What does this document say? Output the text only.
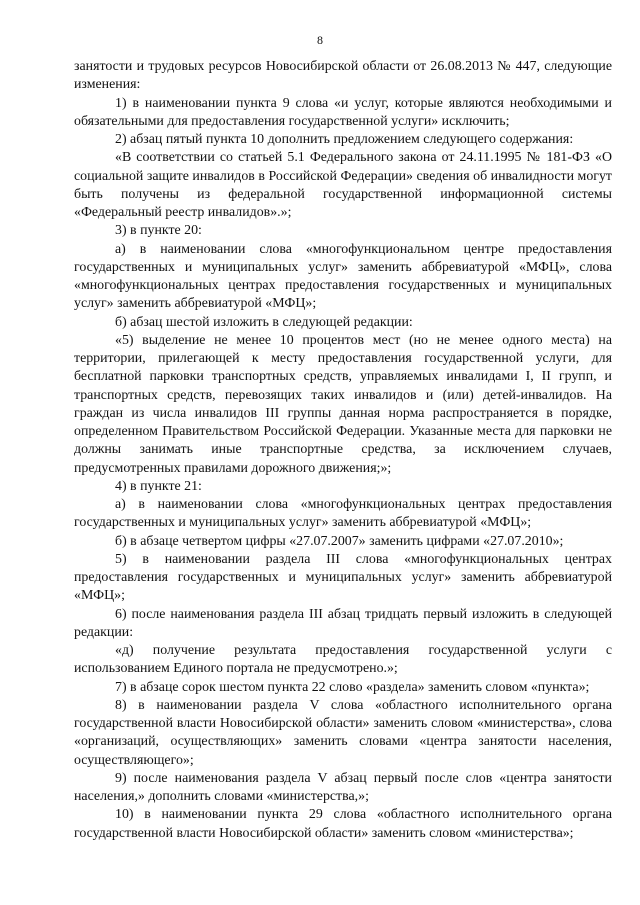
8

занятости и трудовых ресурсов Новосибирской области от 26.08.2013 № 447, следующие изменения:

1) в наименовании пункта 9 слова «и услуг, которые являются необходимыми и обязательными для предоставления государственной услуги» исключить;

2) абзац пятый пункта 10 дополнить предложением следующего содержания:

«В соответствии со статьей 5.1 Федерального закона от 24.11.1995 № 181-ФЗ «О социальной защите инвалидов в Российской Федерации» сведения об инвалидности могут быть получены из федеральной государственной информационной системы «Федеральный реестр инвалидов».»;

3) в пункте 20:

а) в наименовании слова «многофункциональном центре предоставления государственных и муниципальных услуг» заменить аббревиатурой «МФЦ», слова «многофункциональных центрах предоставления государственных и муниципальных услуг» заменить аббревиатурой «МФЦ»;

б) абзац шестой изложить в следующей редакции:

«5) выделение не менее 10 процентов мест (но не менее одного места) на территории, прилегающей к месту предоставления государственной услуги, для бесплатной парковки транспортных средств, управляемых инвалидами I, II групп, и транспортных средств, перевозящих таких инвалидов и (или) детей-инвалидов. На граждан из числа инвалидов III группы данная норма распространяется в порядке, определенном Правительством Российской Федерации. Указанные места для парковки не должны занимать иные транспортные средства, за исключением случаев, предусмотренных правилами дорожного движения;»;

4) в пункте 21:

а) в наименовании слова «многофункциональных центрах предоставления государственных и муниципальных услуг» заменить аббревиатурой «МФЦ»;

б) в абзаце четвертом цифры «27.07.2007» заменить цифрами «27.07.2010»;

5) в наименовании раздела III слова «многофункциональных центрах предоставления государственных и муниципальных услуг» заменить аббревиатурой «МФЦ»;

6) после наименования раздела III абзац тридцать первый изложить в следующей редакции:

«д) получение результата предоставления государственной услуги с использованием Единого портала не предусмотрено.»;

7) в абзаце сорок шестом пункта 22 слово «раздела» заменить словом «пункта»;

8) в наименовании раздела V слова «областного исполнительного органа государственной власти Новосибирской области» заменить словом «министерства», слова «организаций, осуществляющих» заменить словами «центра занятости населения, осуществляющего»;

9) после наименования раздела V абзац первый после слов «центра занятости населения,» дополнить словами «министерства,»;

10) в наименовании пункта 29 слова «областного исполнительного органа государственной власти Новосибирской области» заменить словом «министерства»;
